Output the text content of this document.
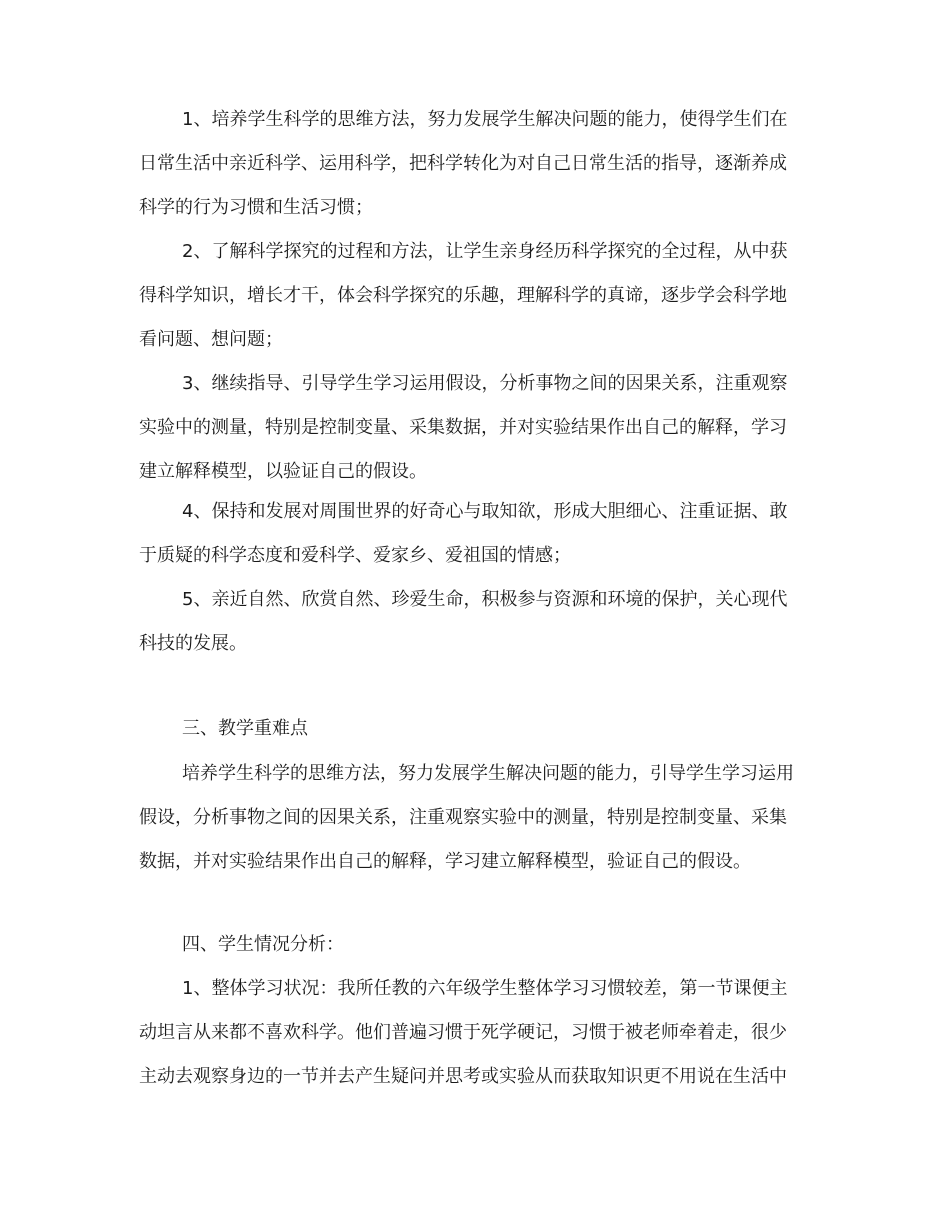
1、培养学生科学的思维方法，努力发展学生解决问题的能力，使得学生们在
日常生活中亲近科学、运用科学，把科学转化为对自己日常生活的指导，逐渐养成
科学的行为习惯和生活习惯；
2、了解科学探究的过程和方法，让学生亲身经历科学探究的全过程，从中获
得科学知识，增长才干，体会科学探究的乐趣，理解科学的真谛，逐步学会科学地
看问题、想问题；
3、继续指导、引导学生学习运用假设，分析事物之间的因果关系，注重观察
实验中的测量，特别是控制变量、采集数据，并对实验结果作出自己的解释，学习
建立解释模型，以验证自己的假设。
4、保持和发展对周围世界的好奇心与取知欲，形成大胆细心、注重证据、敢
于质疑的科学态度和爱科学、爱家乡、爱祖国的情感；
5、亲近自然、欣赏自然、珍爱生命，积极参与资源和环境的保护，关心现代
科技的发展。
三、教学重难点
培养学生科学的思维方法，努力发展学生解决问题的能力，引导学生学习运用
假设，分析事物之间的因果关系，注重观察实验中的测量，特别是控制变量、采集
数据，并对实验结果作出自己的解释，学习建立解释模型，验证自己的假设。
四、学生情况分析：
1、整体学习状况：我所任教的六年级学生整体学习习惯较差，第一节课便主
动坦言从来都不喜欢科学。他们普遍习惯于死学硬记，习惯于被老师牵着走，很少
主动去观察身边的一节并去产生疑问并思考或实验从而获取知识更不用说在生活中
